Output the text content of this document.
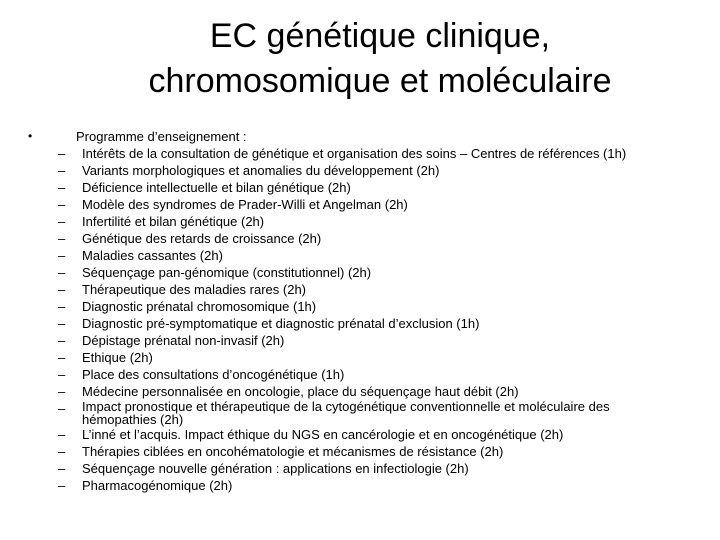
EC génétique clinique,
chromosomique et moléculaire
•	Programme d’enseignement :
– Intérêts de la consultation de génétique et organisation des soins – Centres de références (1h)
– Variants morphologiques et anomalies du développement (2h)
– Déficience intellectuelle et bilan génétique (2h)
– Modèle des syndromes de Prader-Willi et Angelman (2h)
– Infertilité et bilan génétique (2h)
– Génétique des retards de croissance (2h)
– Maladies cassantes (2h)
– Séquençage pan-génomique (constitutionnel) (2h)
– Thérapeutique des maladies rares (2h)
– Diagnostic prénatal chromosomique (1h)
– Diagnostic pré-symptomatique et diagnostic prénatal d’exclusion (1h)
– Dépistage prénatal non-invasif (2h)
– Ethique (2h)
– Place des consultations d’oncogénétique (1h)
– Médecine personnalisée en oncologie, place du séquençage haut débit (2h)
– Impact pronostique et thérapeutique de la cytogénétique conventionnelle et moléculaire des
hémopathies (2h)
– L’inné et l’acquis. Impact éthique du NGS en cancérologie et en oncogénétique (2h)
– Thérapies ciblées en oncohématologie et mécanismes de résistance (2h)
– Séquençage nouvelle génération : applications en infectiologie (2h)
– Pharmacogénomique (2h)
